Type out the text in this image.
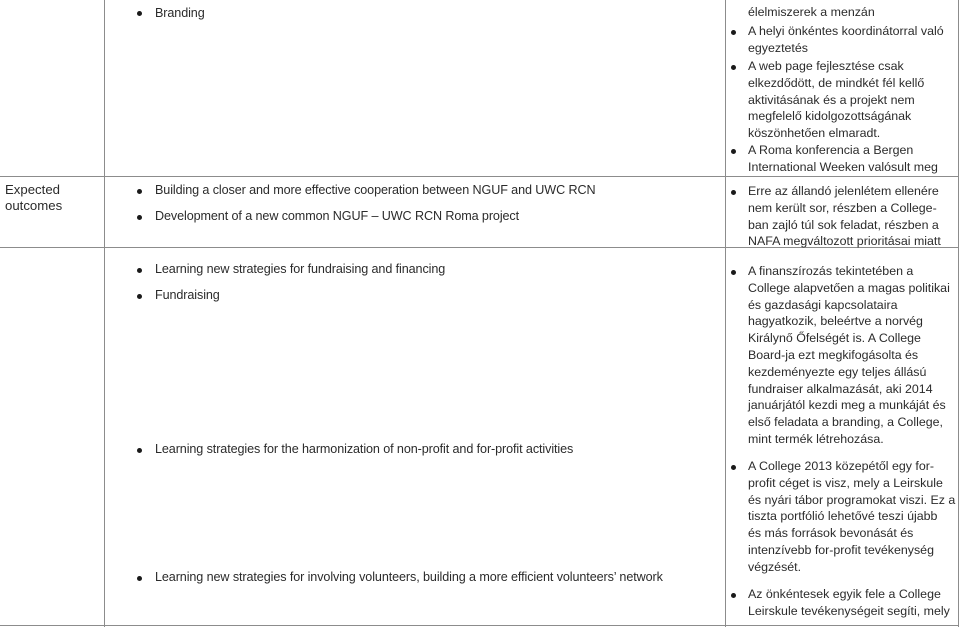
Expected
outcomes
Branding
Building a closer and more effective cooperation between NGUF and UWC RCN
Development of a new common NGUF – UWC RCN Roma project
Learning new strategies for fundraising and financing
Fundraising
Learning strategies for the harmonization of non-profit and for-profit activities
Learning new strategies for involving volunteers, building a more efficient volunteers’ network
élelmiszerek a menzán
A helyi önkéntes koordinátorral való
egyeztetés
A web page fejlesztése csak
elkezdődött, de mindkét fél kellő
aktivitásának és a projekt nem
megfelelő kidolgozottságának
köszönhetően elmaradt.
A Roma konferencia a Bergen
International Weeken valósult meg
Erre az állandó jelenlétem ellenére
nem került sor, részben a College-
ban zajló túl sok feladat, részben a
NAFA megváltozott prioritásai miatt
A finanszírozás tekintetében a
College alapvetően a magas politikai
és gazdasági kapcsolataira
hagyatkozik, beleértve a norvég
Királynő Őfelségét is. A College
Board-ja ezt megkifogásolta és
kezdeményezte egy teljes állású
fundraiser alkalmazását, aki 2014
januárjától kezdi meg a munkáját és
első feladata a branding, a College,
mint termék létrehozása.
A College 2013 közepétől egy for-
profit céget is visz, mely a Leirskule
és nyári tábor programokat viszi. Ez a
tiszta portfólió lehetővé teszi újabb
és más források bevonását és
intenzívebb for-profit tevékenység
végzését.
Az önkéntesek egyik fele a College
Leirskule tevékenységeit segíti, mely
